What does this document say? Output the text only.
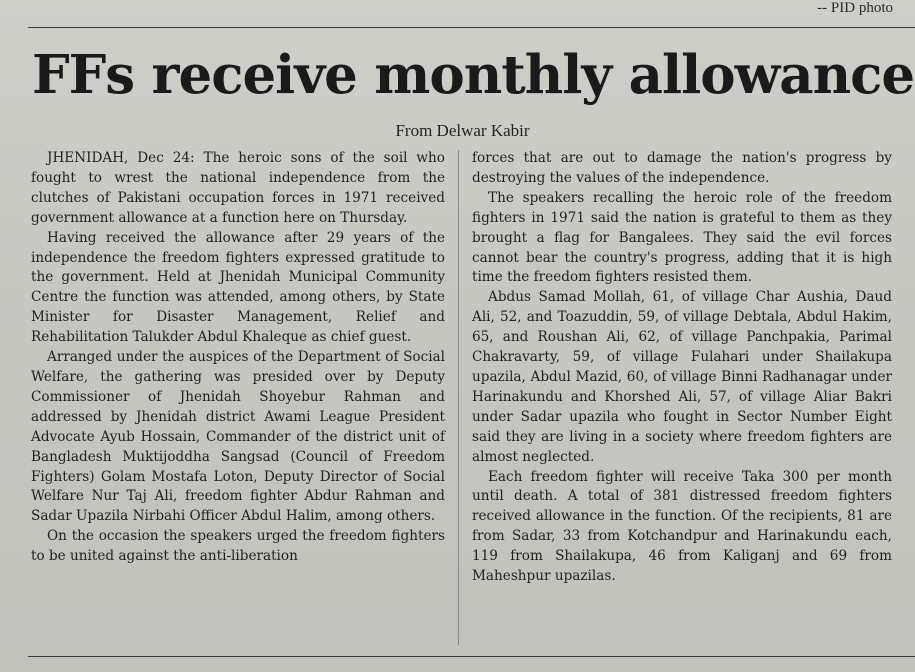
-- PID photo
FFs receive monthly allowance
From Delwar Kabir

JHENIDAH, Dec 24: The heroic sons of the soil who fought to wrest the national independence from the clutches of Pakistani occupation forces in 1971 received government allowance at a function here on Thursday.

Having received the allowance after 29 years of the independence the freedom fighters expressed gratitude to the government. Held at Jhenidah Municipal Community Centre the function was attended, among others, by State Minister for Disaster Management, Relief and Rehabilitation Talukder Abdul Khaleque as chief guest.

Arranged under the auspices of the Department of Social Welfare, the gathering was presided over by Deputy Commissioner of Jhenidah Shoyebur Rahman and addressed by Jhenidah district Awami League President Advocate Ayub Hossain, Commander of the district unit of Bangladesh Muktijoddha Sangsad (Council of Freedom Fighters) Golam Mostafa Loton, Deputy Director of Social Welfare Nur Taj Ali, freedom fighter Abdur Rahman and Sadar Upazila Nirbahi Officer Abdul Halim, among others.

On the occasion the speakers urged the freedom fighters to be united against the anti-liberation

forces that are out to damage the nation's progress by destroying the values of the independence.

The speakers recalling the heroic role of the freedom fighters in 1971 said the nation is grateful to them as they brought a flag for Bangalees. They said the evil forces cannot bear the country's progress, adding that it is high time the freedom fighters resisted them.

Abdus Samad Mollah, 61, of village Char Aushia, Daud Ali, 52, and Toazuddin, 59, of village Debtala, Abdul Hakim, 65, and Roushan Ali, 62, of village Panchpakia, Parimal Chakravarty, 59, of village Fulahari under Shailakupa upazila, Abdul Mazid, 60, of village Binni Radhanagar under Harinakundu and Khorshed Ali, 57, of village Aliar Bakri under Sadar upazila who fought in Sector Number Eight said they are living in a society where freedom fighters are almost neglected.

Each freedom fighter will receive Taka 300 per month until death. A total of 381 distressed freedom fighters received allowance in the function. Of the recipients, 81 are from Sadar, 33 from Kotchandpur and Harinakundu each, 119 from Shailakupa, 46 from Kaliganj and 69 from Maheshpur upazilas.
